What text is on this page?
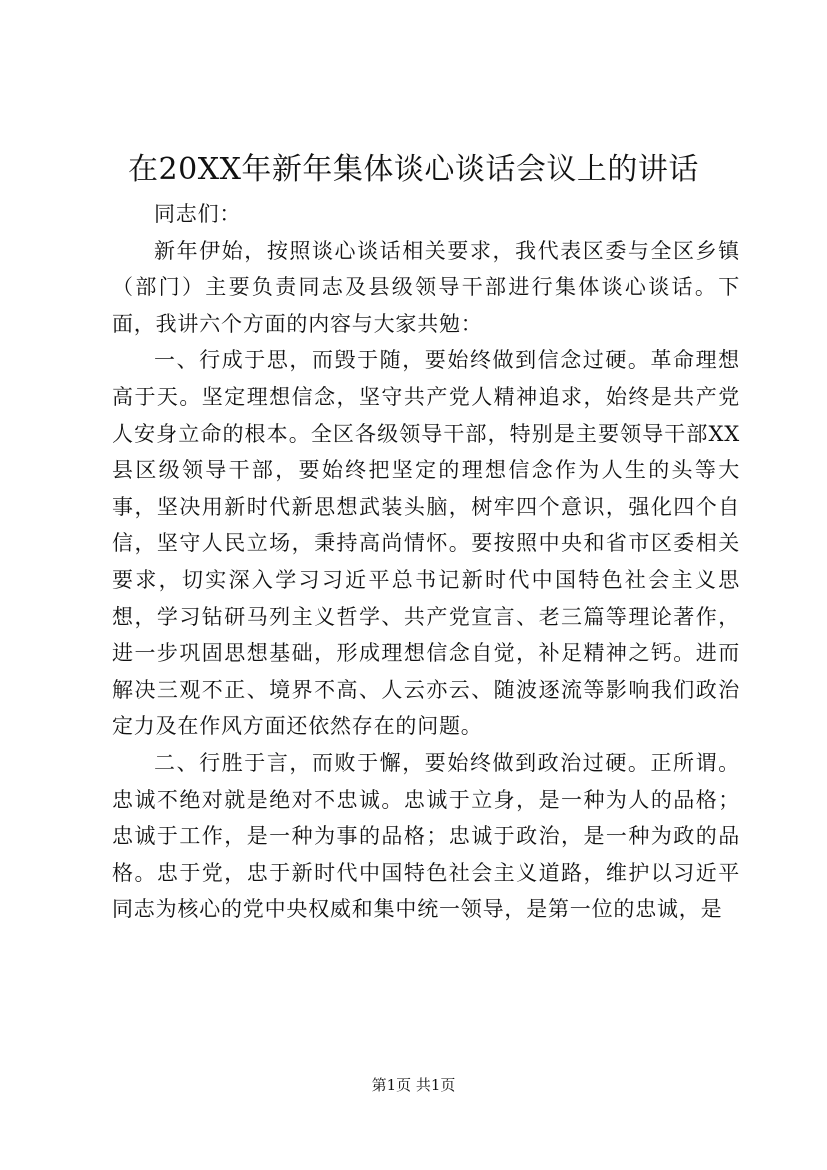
在20XX年新年集体谈心谈话会议上的讲话

同志们：

新年伊始，按照谈心谈话相关要求，我代表区委与全区乡镇（部门）主要负责同志及县级领导干部进行集体谈心谈话。下面，我讲六个方面的内容与大家共勉：

一、行成于思，而毁于随，要始终做到信念过硬。革命理想高于天。坚定理想信念，坚守共产党人精神追求，始终是共产党人安身立命的根本。全区各级领导干部，特别是主要领导干部XX县区级领导干部，要始终把坚定的理想信念作为人生的头等大事，坚决用新时代新思想武装头脑，树牢四个意识，强化四个自信，坚守人民立场，秉持高尚情怀。要按照中央和省市区委相关要求，切实深入学习习近平总书记新时代中国特色社会主义思想，学习钻研马列主义哲学、共产党宣言、老三篇等理论著作，进一步巩固思想基础，形成理想信念自觉，补足精神之钙。进而解决三观不正、境界不高、人云亦云、随波逐流等影响我们政治定力及在作风方面还依然存在的问题。

二、行胜于言，而败于懈，要始终做到政治过硬。正所谓。忠诚不绝对就是绝对不忠诚。忠诚于立身，是一种为人的品格；忠诚于工作，是一种为事的品格；忠诚于政治，是一种为政的品格。忠于党，忠于新时代中国特色社会主义道路，维护以习近平同志为核心的党中央权威和集中统一领导，是第一位的忠诚，是

第1页 共1页
